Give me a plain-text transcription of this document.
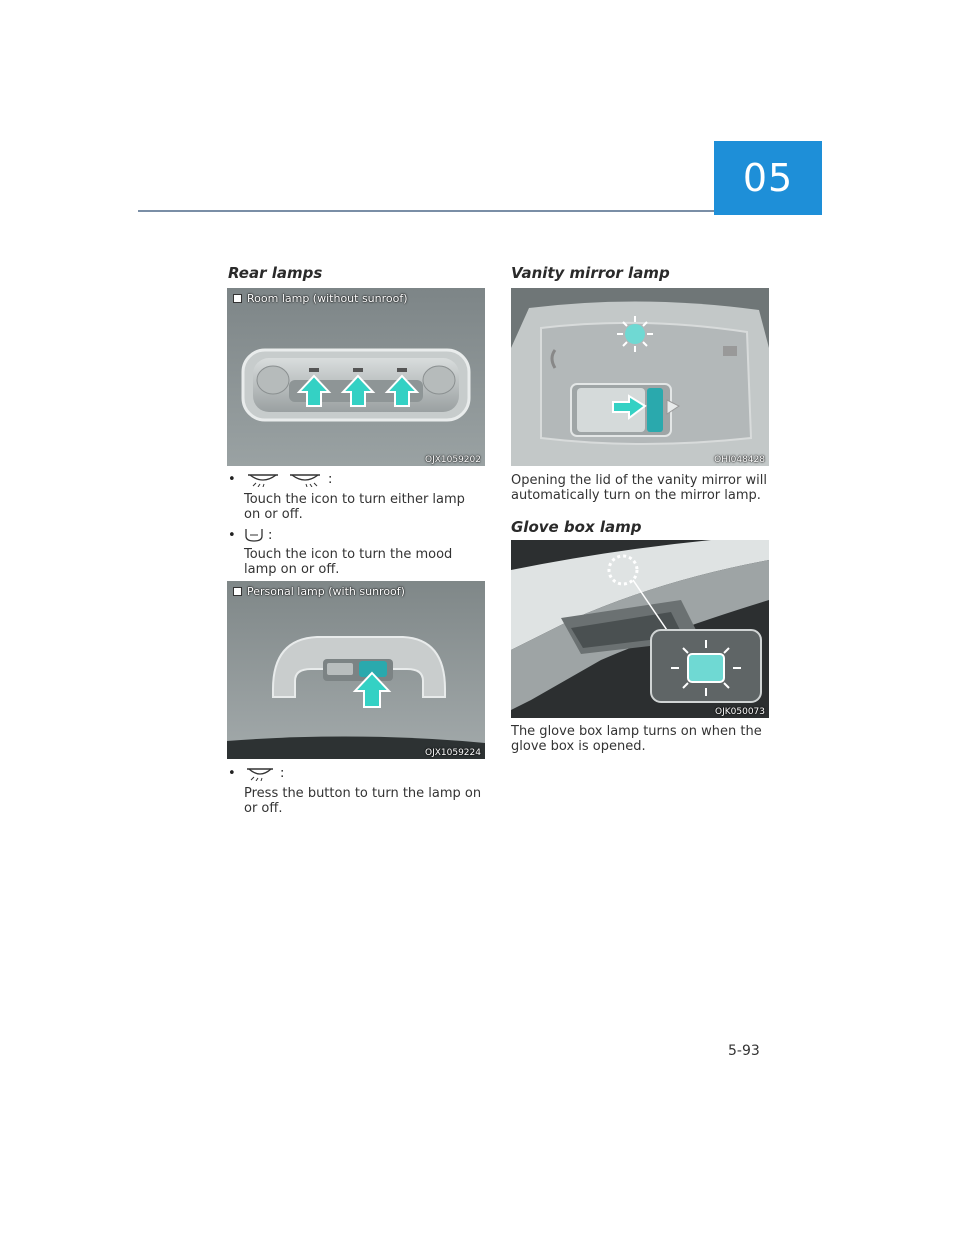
05
Rear lamps
Room lamp (without sunroof)
OJX1059202
•	:

Touch the icon to turn either lamp on or off.

•	:

Touch the icon to turn the mood lamp on or off.

Personal lamp (with sunroof)
OJX1059224
•	:

Press the button to turn the lamp on or off.

Vanity mirror lamp
OHI048428

Opening the lid of the vanity mirror will automatically turn on the mirror lamp.

Glove box lamp
OJK050073

The glove box lamp turns on when the glove box is opened.

5-93
